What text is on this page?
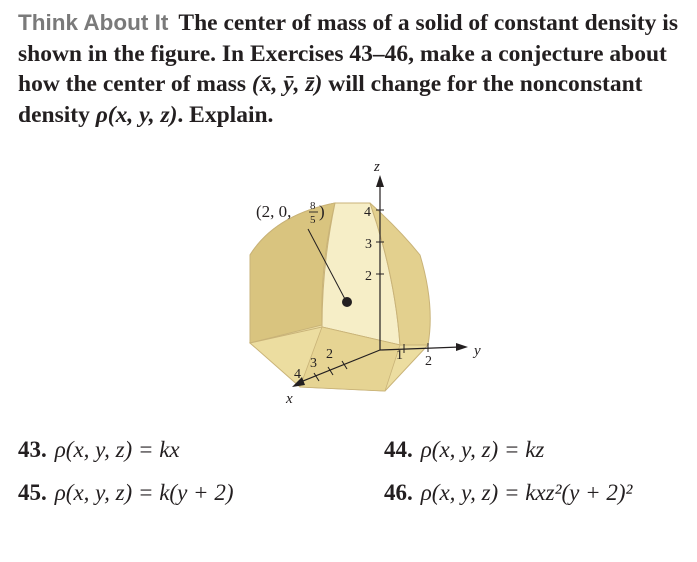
Think About It The center of mass of a solid of constant density is shown in the figure. In Exercises 43–46, make a conjecture about how the center of mass (x̄, ȳ, z̄) will change for the nonconstant density ρ(x, y, z). Explain.

2
3
4
1 2
2
3
4
z
y
x
(2, 0, 8
5 )
43. ρ(x, y, z) = kx	44. ρ(x, y, z) = kz
45. ρ(x, y, z) = k(y + 2)	46. ρ(x, y, z) = kxz²(y + 2)²
